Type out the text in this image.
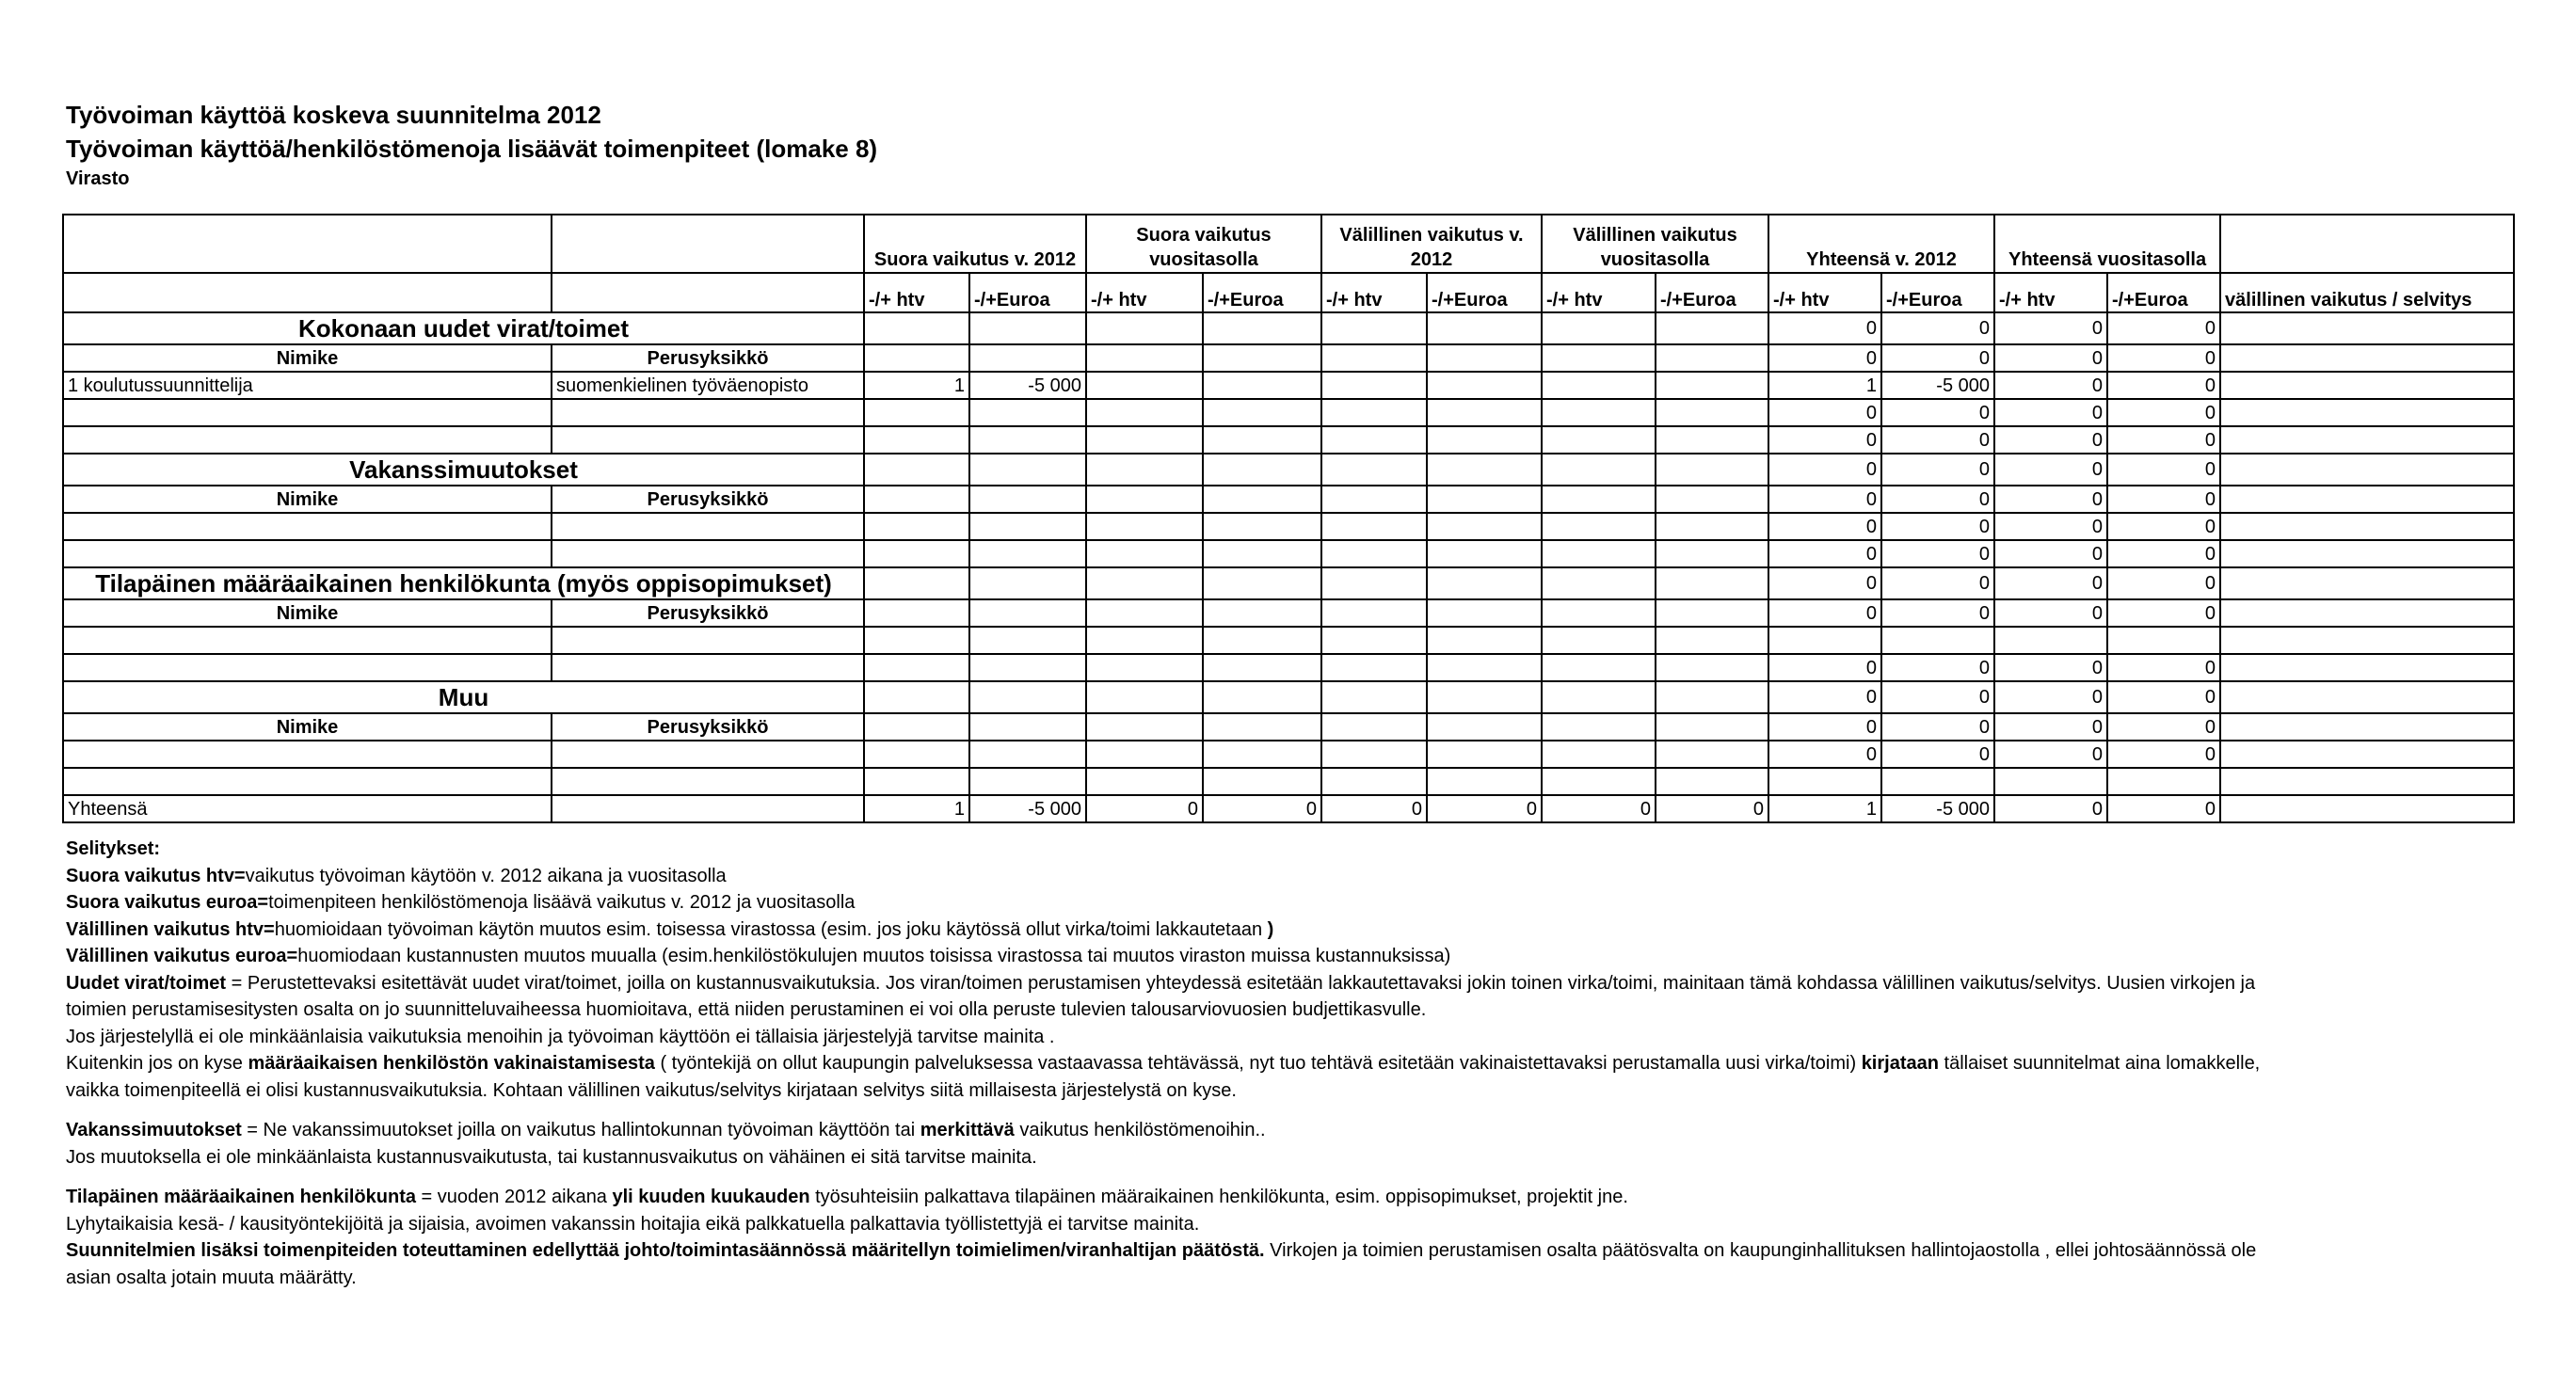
Työvoiman käyttöä koskeva suunnitelma 2012
Työvoiman käyttöä/henkilöstömenoja lisäävät toimenpiteet (lomake 8)
Virasto
		Suora vaikutus v. 2012		Suora vaikutus vuositasolla		Välillinen vaikutus v. 2012		Välillinen vaikutus vuositasolla		Yhteensä v. 2012		Yhteensä vuositasolla		
		-/+ htv	-/+Euroa	-/+ htv	-/+Euroa	-/+ htv	-/+Euroa	-/+ htv	-/+Euroa	-/+ htv	-/+Euroa	-/+ htv	-/+Euroa	välillinen vaikutus / selvitys
Kokonaan uudet virat/toimet										0	0	0	0	
Nimike	Perusyksikkö									0	0	0	0	
1 koulutussuunnittelija	suomenkielinen työväenopisto	1	-5 000							1	-5 000	0	0	
										0	0	0	0	
										0	0	0	0	
Vakanssimuutokset										0	0	0	0	
Nimike	Perusyksikkö									0	0	0	0	
										0	0	0	0	
										0	0	0	0	
Tilapäinen määräaikainen henkilökunta (myös oppisopimukset)										0	0	0	0	
Nimike	Perusyksikkö									0	0	0	0	

										0	0	0	0	
Muu										0	0	0	0	
Nimike	Perusyksikkö									0	0	0	0	
										0	0	0	0	

Yhteensä		1	-5 000	0	0	0	0	0	0	1	-5 000	0	0	

Selitykset:

Suora vaikutus htv=vaikutus työvoiman käytöön v. 2012 aikana ja vuositasolla

Suora vaikutus euroa=toimenpiteen henkilöstömenoja lisäävä vaikutus v. 2012 ja vuositasolla

Välillinen vaikutus htv=huomioidaan työvoiman käytön muutos esim. toisessa virastossa (esim. jos joku käytössä ollut virka/toimi lakkautetaan )

Välillinen vaikutus euroa=huomiodaan kustannusten muutos muualla (esim.henkilöstökulujen muutos toisissa virastossa tai muutos viraston muissa kustannuksissa)

Uudet virat/toimet = Perustettevaksi esitettävät uudet virat/toimet, joilla on kustannusvaikutuksia. Jos viran/toimen perustamisen yhteydessä esitetään lakkautettavaksi jokin toinen virka/toimi, mainitaan tämä kohdassa välillinen vaikutus/selvitys. Uusien virkojen ja

toimien perustamisesitysten osalta on jo suunnitteluvaiheessa huomioitava, että niiden perustaminen ei voi olla peruste tulevien talousarviovuosien budjettikasvulle.

Jos järjestelyllä ei ole minkäänlaisia vaikutuksia menoihin ja työvoiman käyttöön ei tällaisia järjestelyjä tarvitse mainita .

Kuitenkin jos on kyse määräaikaisen henkilöstön vakinaistamisesta ( työntekijä on ollut kaupungin palveluksessa vastaavassa tehtävässä, nyt tuo tehtävä esitetään vakinaistettavaksi perustamalla uusi virka/toimi) kirjataan tällaiset suunnitelmat aina lomakkelle,

vaikka toimenpiteellä ei olisi kustannusvaikutuksia. Kohtaan välillinen vaikutus/selvitys kirjataan selvitys siitä millaisesta järjestelystä on kyse.

Vakanssimuutokset = Ne vakanssimuutokset joilla on vaikutus hallintokunnan työvoiman käyttöön tai merkittävä vaikutus henkilöstömenoihin..

Jos muutoksella ei ole minkäänlaista kustannusvaikutusta, tai kustannusvaikutus on vähäinen ei sitä tarvitse mainita.

Tilapäinen määräaikainen henkilökunta = vuoden 2012 aikana yli kuuden kuukauden työsuhteisiin palkattava tilapäinen määraikainen henkilökunta, esim. oppisopimukset, projektit jne.

Lyhytaikaisia kesä- / kausityöntekijöitä ja sijaisia, avoimen vakanssin hoitajia eikä palkkatuella palkattavia työllistettyjä ei tarvitse mainita.

Suunnitelmien lisäksi toimenpiteiden toteuttaminen edellyttää johto/toimintasäännössä määritellyn toimielimen/viranhaltijan päätöstä. Virkojen ja toimien perustamisen osalta päätösvalta on kaupunginhallituksen hallintojaostolla , ellei johtosäännössä ole

asian osalta jotain muuta määrätty.
